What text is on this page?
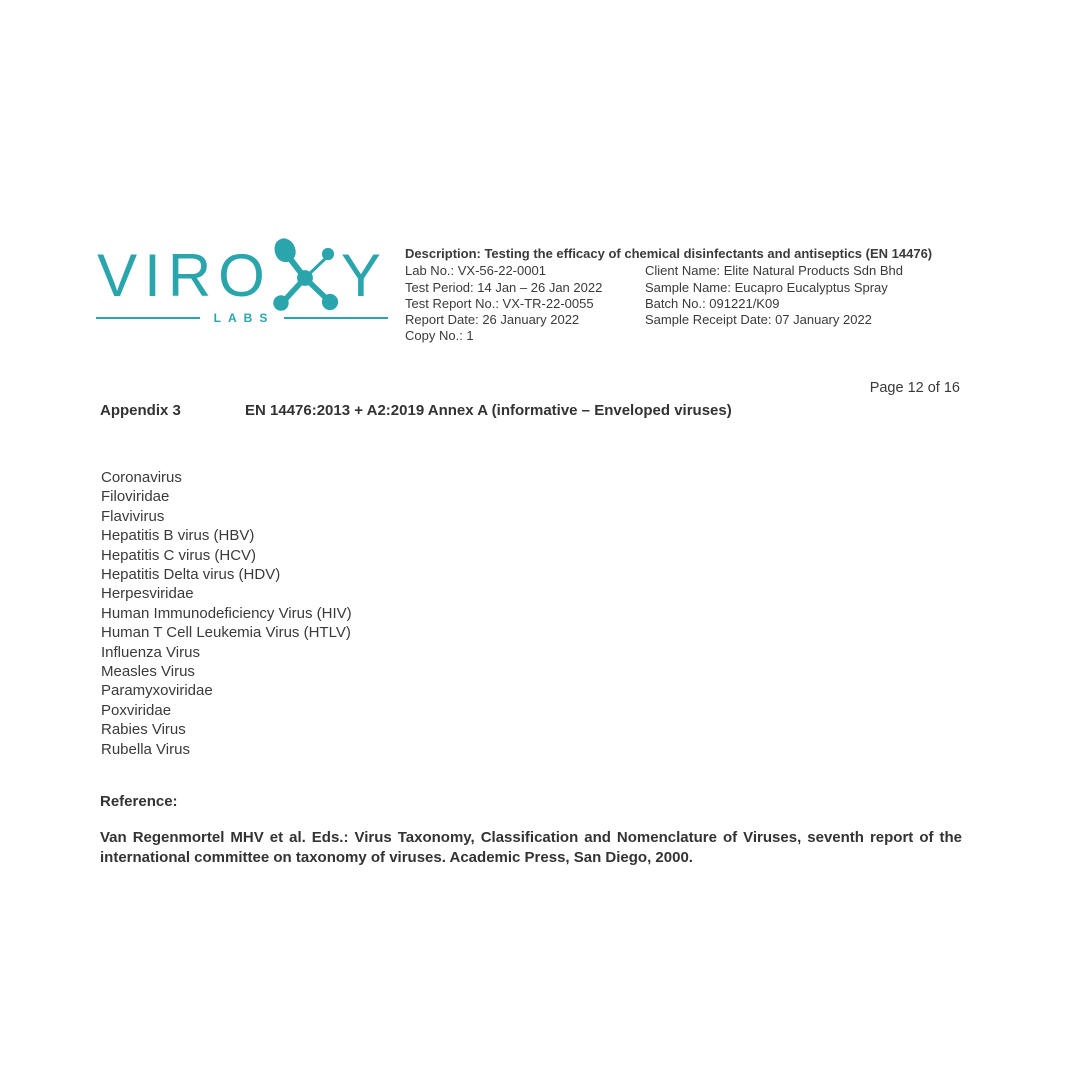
VIR O Y
LABS
Description: Testing the efficacy of chemical disinfectants and antiseptics (EN 14476)
Lab No.: VX-56-22-0001
Test Period: 14 Jan – 26 Jan 2022
Test Report No.: VX-TR-22-0055
Report Date: 26 January 2022
Copy No.: 1
Client Name: Elite Natural Products Sdn Bhd
Sample Name: Eucapro Eucalyptus Spray
Batch No.: 091221/K09
Sample Receipt Date: 07 January 2022
Page 12 of 16
Appendix 3	EN 14476:2013 + A2:2019 Annex A (informative – Enveloped viruses)
Coronavirus
Filoviridae
Flavivirus
Hepatitis B virus (HBV)
Hepatitis C virus (HCV)
Hepatitis Delta virus (HDV)
Herpesviridae
Human Immunodeficiency Virus (HIV)
Human T Cell Leukemia Virus (HTLV)
Influenza Virus
Measles Virus
Paramyxoviridae
Poxviridae
Rabies Virus
Rubella Virus
Reference:

Van Regenmortel MHV et al. Eds.: Virus Taxonomy, Classification and Nomenclature of Viruses, seventh report of the international committee on taxonomy of viruses. Academic Press, San Diego, 2000.
